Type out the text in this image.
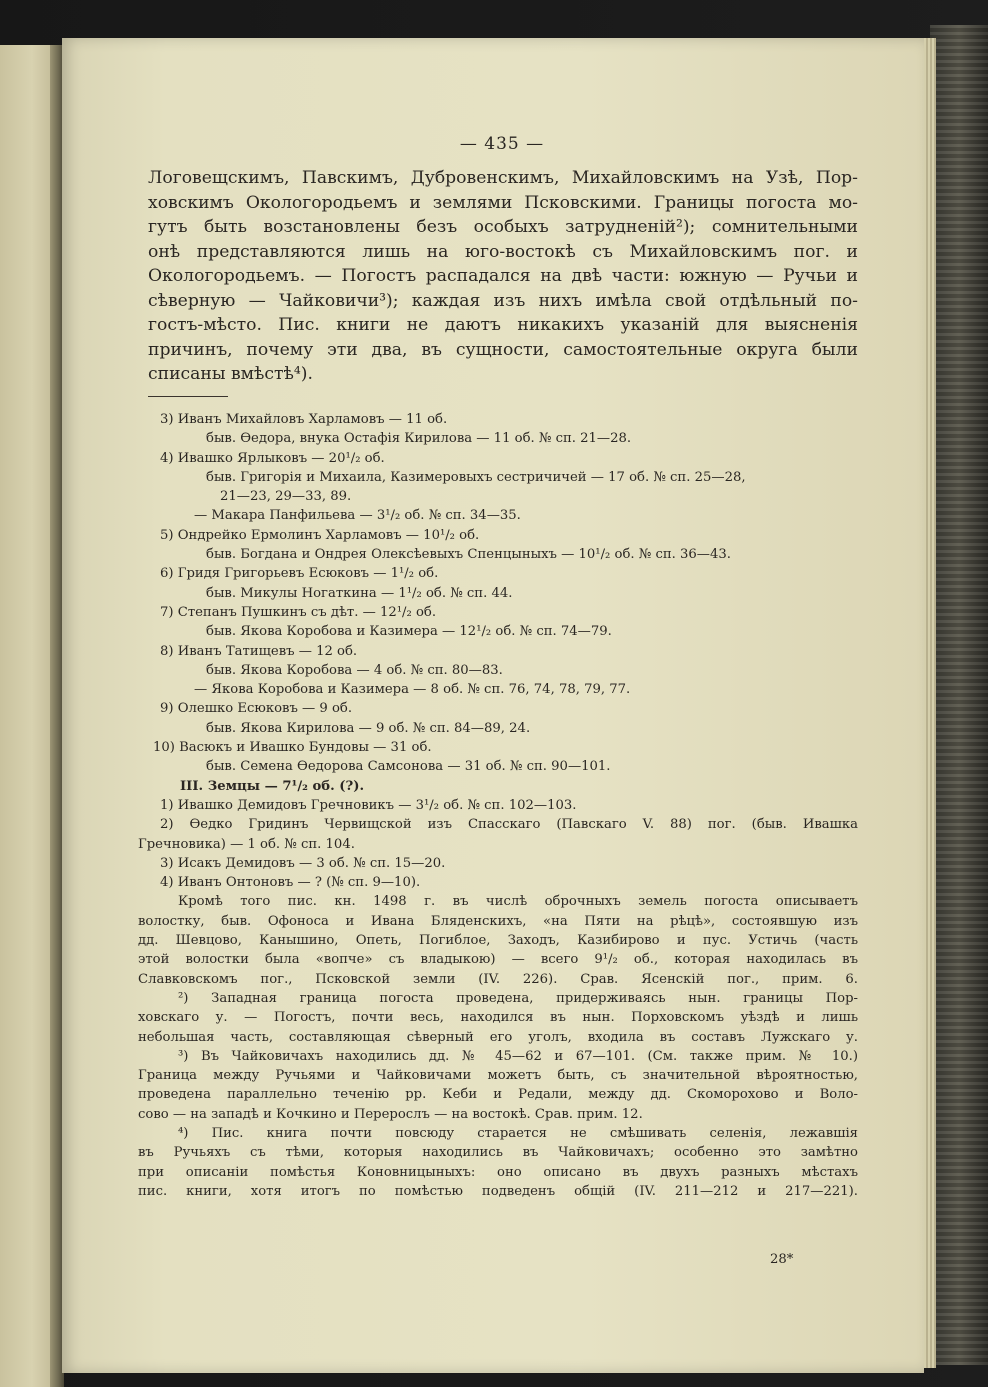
— 435 —
Логовещскимъ, Павскимъ, Дубровенскимъ, Михайловскимъ на Узѣ, Пор-
ховскимъ Окологородьемъ и землями Псковскими. Границы погоста мо-
гутъ быть возстановлены безъ особыхъ затрудненій²); сомнительными
онѣ представляются лишь на юго-востокѣ съ Михайловскимъ пог. и
Окологородьемъ. — Погостъ распадался на двѣ части: южную — Ручьи и
сѣверную — Чайковичи³); каждая изъ нихъ имѣла свой отдѣльный по-
гостъ-мѣсто. Пис. книги не даютъ никакихъ указаній для выясненія
причинъ, почему эти два, въ сущности, самостоятельные округа были
списаны вмѣстѣ⁴).
3) Иванъ Михайловъ Харламовъ — 11 об.
быв. Ѳедора, внука Остафія Кирилова — 11 об. № сп. 21—28.
4) Ивашко Ярлыковъ — 20¹/₂ об.
быв. Григорія и Михаила, Казимеровыхъ сестричичей — 17 об. № сп. 25—28,
21—23, 29—33, 89.
— Макара Панфильева — 3¹/₂ об. № сп. 34—35.
5) Ондрейко Ермолинъ Харламовъ — 10¹/₂ об.
быв. Богдана и Ондрея Олексѣевыхъ Спенцыныхъ — 10¹/₂ об. № сп. 36—43.
6) Гридя Григорьевъ Есюковъ — 1¹/₂ об.
быв. Микулы Ногаткина — 1¹/₂ об. № сп. 44.
7) Степанъ Пушкинъ съ дѣт. — 12¹/₂ об.
быв. Якова Коробова и Казимера — 12¹/₂ об. № сп. 74—79.
8) Иванъ Татищевъ — 12 об.
быв. Якова Коробова — 4 об. № сп. 80—83.
— Якова Коробова и Казимера — 8 об. № сп. 76, 74, 78, 79, 77.
9) Олешко Есюковъ — 9 об.
быв. Якова Кирилова — 9 об. № сп. 84—89, 24.
10) Васюкъ и Ивашко Бундовы — 31 об.
быв. Семена Ѳедорова Самсонова — 31 об. № сп. 90—101.
III. Земцы — 7¹/₂ об. (?).
1) Ивашко Демидовъ Гречновикъ — 3¹/₂ об. № сп. 102—103.
2) Ѳедко Гридинъ Червищской изъ Спасскаго (Павскаго V. 88) пог. (быв. Ивашка
Гречновика) — 1 об. № сп. 104.
3) Исакъ Демидовъ — 3 об. № сп. 15—20.
4) Иванъ Онтоновъ — ? (№ сп. 9—10).
Кромѣ того пис. кн. 1498 г. въ числѣ оброчныхъ земель погоста описываетъ
волостку, быв. Офоноса и Ивана Бляденскихъ, «на Пяти на рѣцѣ», состоявшую изъ
дд. Шевцово, Канышино, Опеть, Погиблое, Заходъ, Казибирово и пус. Устичь (часть
этой волостки была «вопче» съ владыкою) — всего 9¹/₂ об., которая находилась въ
Славковскомъ пог., Псковской земли (IV. 226). Срав. Ясенскій пог., прим. 6.
²) Западная граница погоста проведена, придерживаясь нын. границы Пор-
ховскаго у. — Погостъ, почти весь, находился въ нын. Порховскомъ уѣздѣ и лишь
небольшая часть, составляющая сѣверный его уголъ, входила въ составъ Лужскаго у.
³) Въ Чайковичахъ находились дд. № 45—62 и 67—101. (См. также прим. № 10.)
Граница между Ручьями и Чайковичами можетъ быть, съ значительной вѣроятностью,
проведена параллельно теченію рр. Кеби и Редали, между дд. Скоморохово и Воло-
сово — на западѣ и Кочкино и Перерослъ — на востокѣ. Срав. прим. 12.
⁴) Пис. книга почти повсюду старается не смѣшивать селенія, лежавшія
въ Ручьяхъ съ тѣми, которыя находились въ Чайковичахъ; особенно это замѣтно
при описаніи помѣстья Коновницыныхъ: оно описано въ двухъ разныхъ мѣстахъ
пис. книги, хотя итогъ по помѣстью подведенъ общій (IV. 211—212 и 217—221).
28*
